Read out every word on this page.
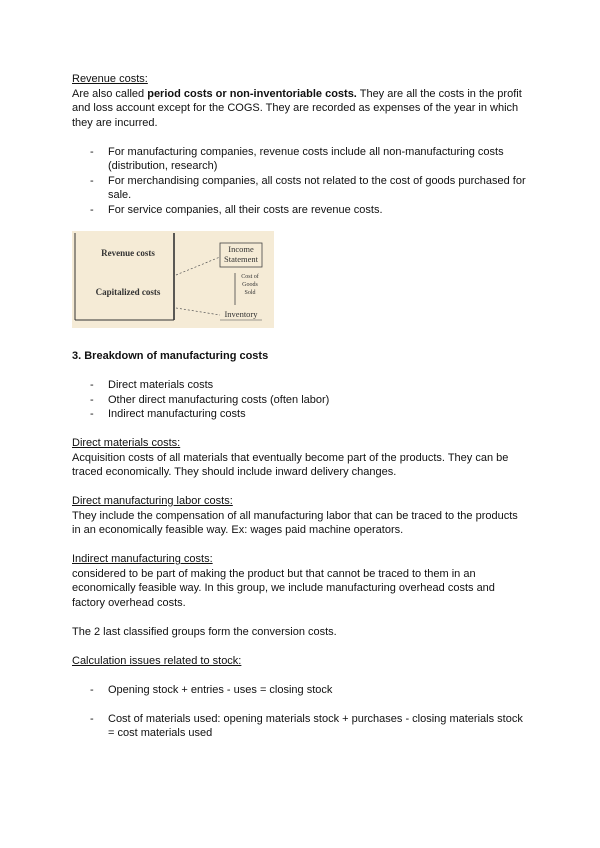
Revenue costs:

Are also called period costs or non-inventoriable costs. They are all the costs in the profit and loss account except for the COGS. They are recorded as expenses of the year in which they are incurred.

- For manufacturing companies, revenue costs include all non-manufacturing costs (distribution, research)
- For merchandising companies, all costs not related to the cost of goods purchased for sale.
- For service companies, all their costs are revenue costs.
Revenue costs
Capitalized costs
Income Statement
Cost of Goods Sold
Inventory

3. Breakdown of manufacturing costs

- Direct materials costs
- Other direct manufacturing costs (often labor)
- Indirect manufacturing costs

Direct materials costs:

Acquisition costs of all materials that eventually become part of the products. They can be traced economically. They should include inward delivery changes.

Direct manufacturing labor costs:

They include the compensation of all manufacturing labor that can be traced to the products in an economically feasible way. Ex: wages paid machine operators.

Indirect manufacturing costs:

considered to be part of making the product but that cannot be traced to them in an economically feasible way. In this group, we include manufacturing overhead costs and factory overhead costs.

The 2 last classified groups form the conversion costs.

Calculation issues related to stock:

- Opening stock + entries - uses = closing stock
- Cost of materials used: opening materials stock + purchases - closing materials stock = cost materials used
